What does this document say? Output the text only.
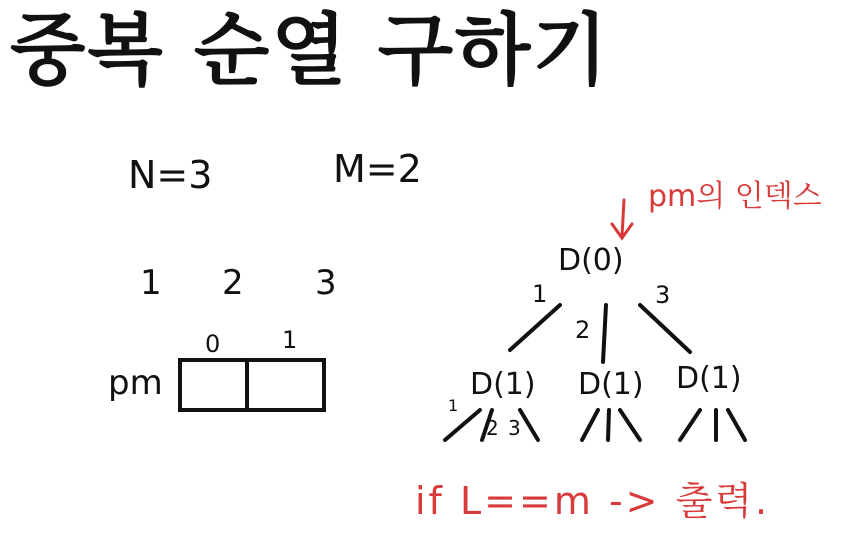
중복 순열 구하기
N=3	M=2
1 2 3
pm
0	1
pm의 인덱스
D(0)
1
2
3
D(1) D(1) D(1)
1
2 3
if L==m -> 출력.
